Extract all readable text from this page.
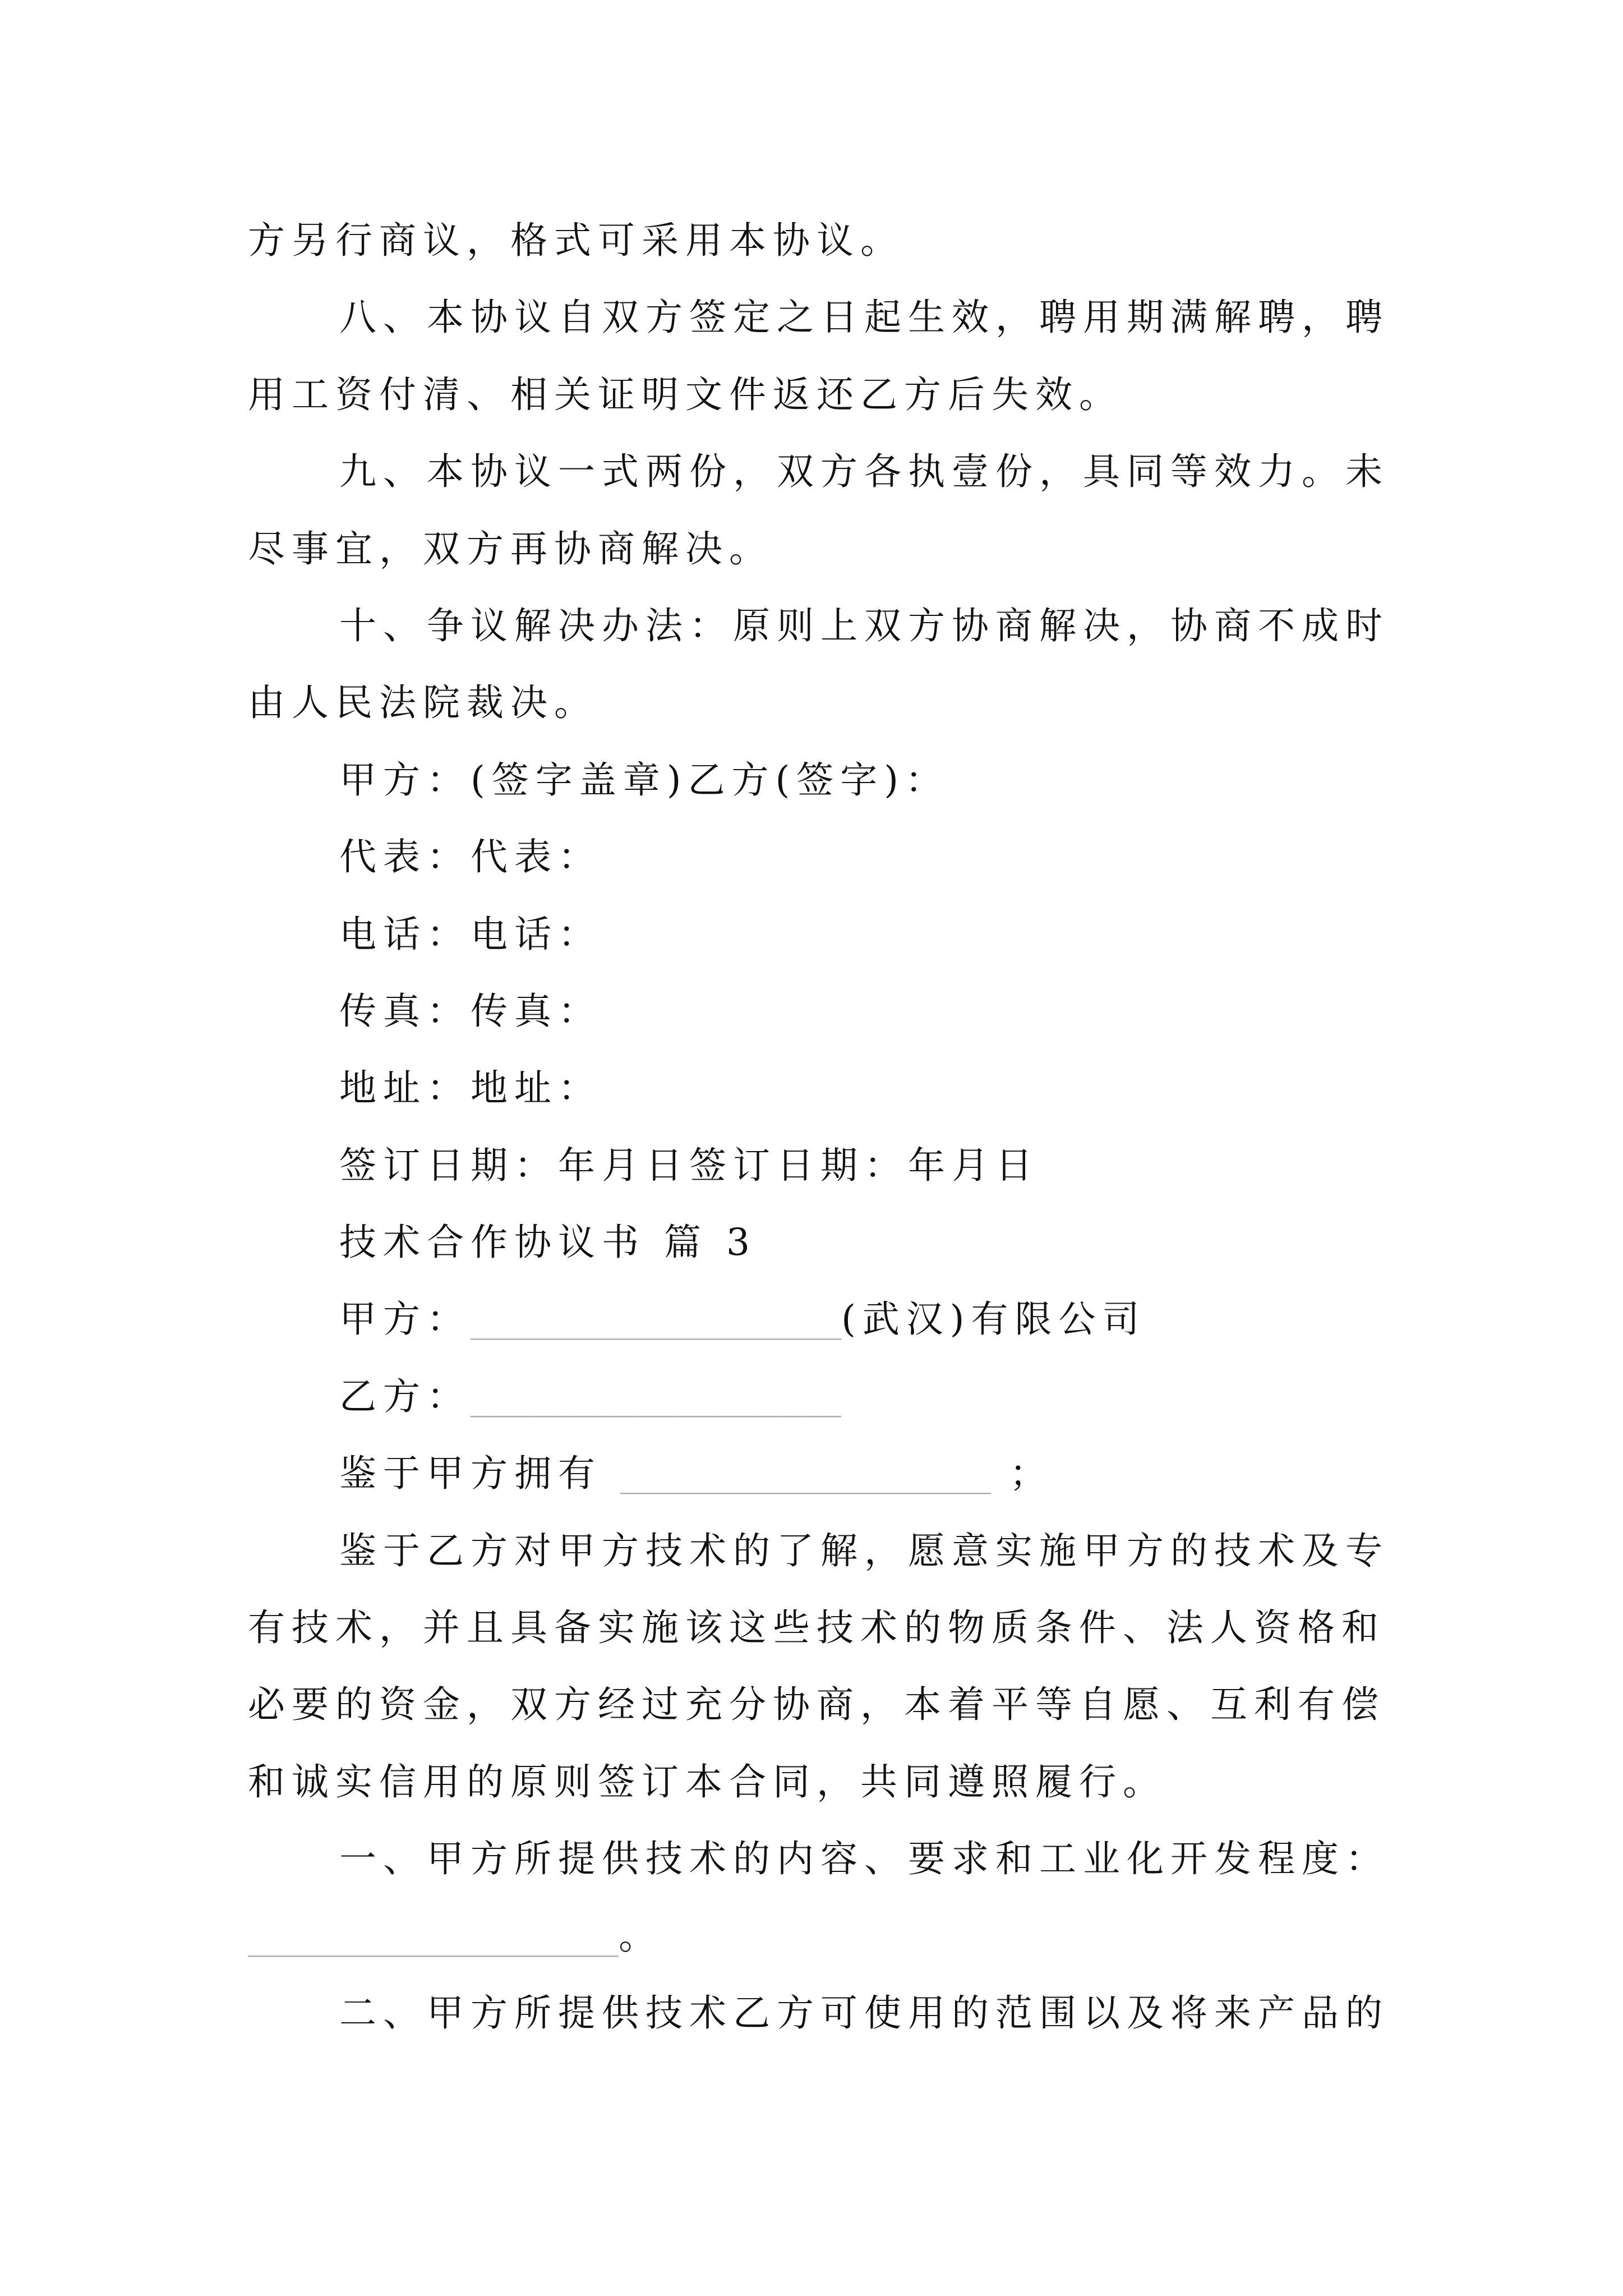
方另行商议，格式可采用本协议。
八、本协议自双方签定之日起生效，聘用期满解聘，聘
用工资付清、相关证明文件返还乙方后失效。
九、本协议一式两份，双方各执壹份，具同等效力。未
尽事宜，双方再协商解决。
十、争议解决办法：原则上双方协商解决，协商不成时
由人民法院裁决。
甲方：(签字盖章)乙方(签字)：
代表：代表：
电话：电话：
传真：传真：
地址：地址：
签订日期：年月日签订日期：年月日
技术合作协议书 篇 3
甲方：__________________(武汉)有限公司
乙方：__________________
鉴于甲方拥有 __________________ ；
鉴于乙方对甲方技术的了解，愿意实施甲方的技术及专
有技术，并且具备实施该这些技术的物质条件、法人资格和
必要的资金，双方经过充分协商，本着平等自愿、互利有偿
和诚实信用的原则签订本合同，共同遵照履行。
一、甲方所提供技术的内容、要求和工业化开发程度：
__________________。
二、甲方所提供技术乙方可使用的范围以及将来产品的
